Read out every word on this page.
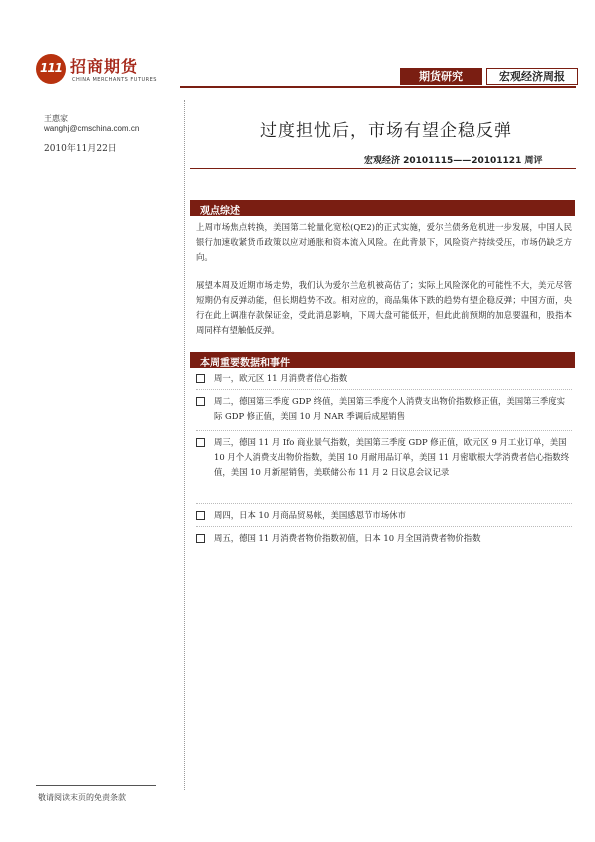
111 招商期货
CHINA MERCHANTS FUTURES	期货研究	宏观经济周报
王惠家
wanghj@cmschina.com.cn
2010年11月22日
过度担忧后，市场有望企稳反弹
宏观经济 20101115——20101121 周评
观点综述
上周市场焦点转换，美国第二轮量化宽松(QE2)的正式实施，爱尔兰债务危机进一步发展，中国人民银行加速收紧货币政策以应对通胀和资本流入风险。在此背景下，风险资产持续受压，市场仍缺乏方向。
展望本周及近期市场走势，我们认为爱尔兰危机被高估了；实际上风险深化的可能性不大，美元尽管短期仍有反弹动能，但长期趋势不改。相对应的，商品集体下跌的趋势有望企稳反弹；中国方面，央行在此上调准存款保证金，受此消息影响，下周大盘可能低开，但此此前预期的加息要温和，股指本周同样有望触低反弹。
本周重要数据和事件
周一，欧元区 11 月消费者信心指数
周二，德国第三季度 GDP 终值，美国第三季度个人消费支出物价指数修正值，美国第三季度实际 GDP 修正值，美国 10 月 NAR 季调后成屋销售
周三，德国 11 月 Ifo 商业景气指数，美国第三季度 GDP 修正值，欧元区 9 月工业订单，美国 10 月个人消费支出物价指数，美国 10 月耐用品订单，美国 11 月密歇根大学消费者信心指数终值，美国 10 月新屋销售，美联储公布 11 月 2 日议息会议记录
周四，日本 10 月商品贸易帐，美国感恩节市场休市
周五，德国 11 月消费者物价指数初值，日本 10 月全国消费者物价指数
敬请阅读末页的免责条款
